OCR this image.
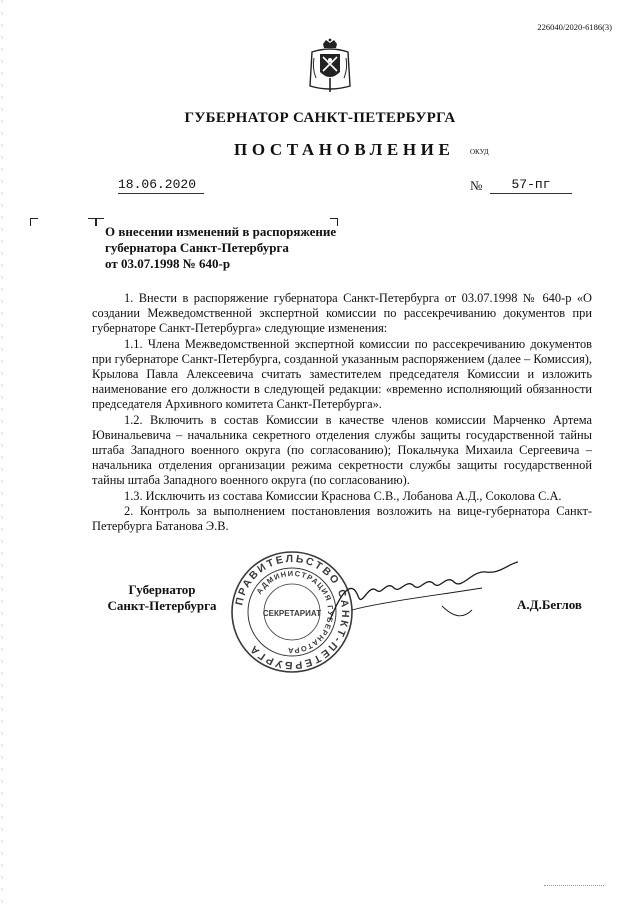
226040/2020-6186(3)
ГУБЕРНАТОР САНКТ-ПЕТЕРБУРГА
ПОСТАНОВЛЕНИЕ ОКУД
18.06.2020	№	57-пг
О внесении изменений в распоряжение
губернатора Санкт-Петербурга
от 03.07.1998 № 640-р

1. Внести в распоряжение губернатора Санкт-Петербурга от 03.07.1998 № 640-р «О создании Межведомственной экспертной комиссии по рассекречиванию документов при губернаторе Санкт-Петербурга» следующие изменения:

1.1. Члена Межведомственной экспертной комиссии по рассекречиванию документов при губернаторе Санкт-Петербурга, созданной указанным распоряжением (далее – Комиссия), Крылова Павла Алексеевича считать заместителем председателя Комиссии и изложить наименование его должности в следующей редакции: «временно исполняющий обязанности председателя Архивного комитета Санкт-Петербурга».

1.2. Включить в состав Комиссии в качестве членов комиссии Марченко Артема Ювинальевича – начальника секретного отделения службы защиты государственной тайны штаба Западного военного округа (по согласованию); Покальчука Михаила Сергеевича – начальника отделения организации режима секретности службы защиты государственной тайны штаба Западного военного округа (по согласованию).

1.3. Исключить из состава Комиссии Краснова С.В., Лобанова А.Д., Соколова С.А.

2. Контроль за выполнением постановления возложить на вице-губернатора Санкт-Петербурга Батанова Э.В.

Губернатор
Санкт-Петербурга	ПРАВИТЕЛЬСТВО САНКТ-ПЕТЕРБУРГА
АДМИНИСТРАЦИЯ ГУБЕРНАТОРА
СЕКРЕТАРИАТ
А.Д.Беглов
